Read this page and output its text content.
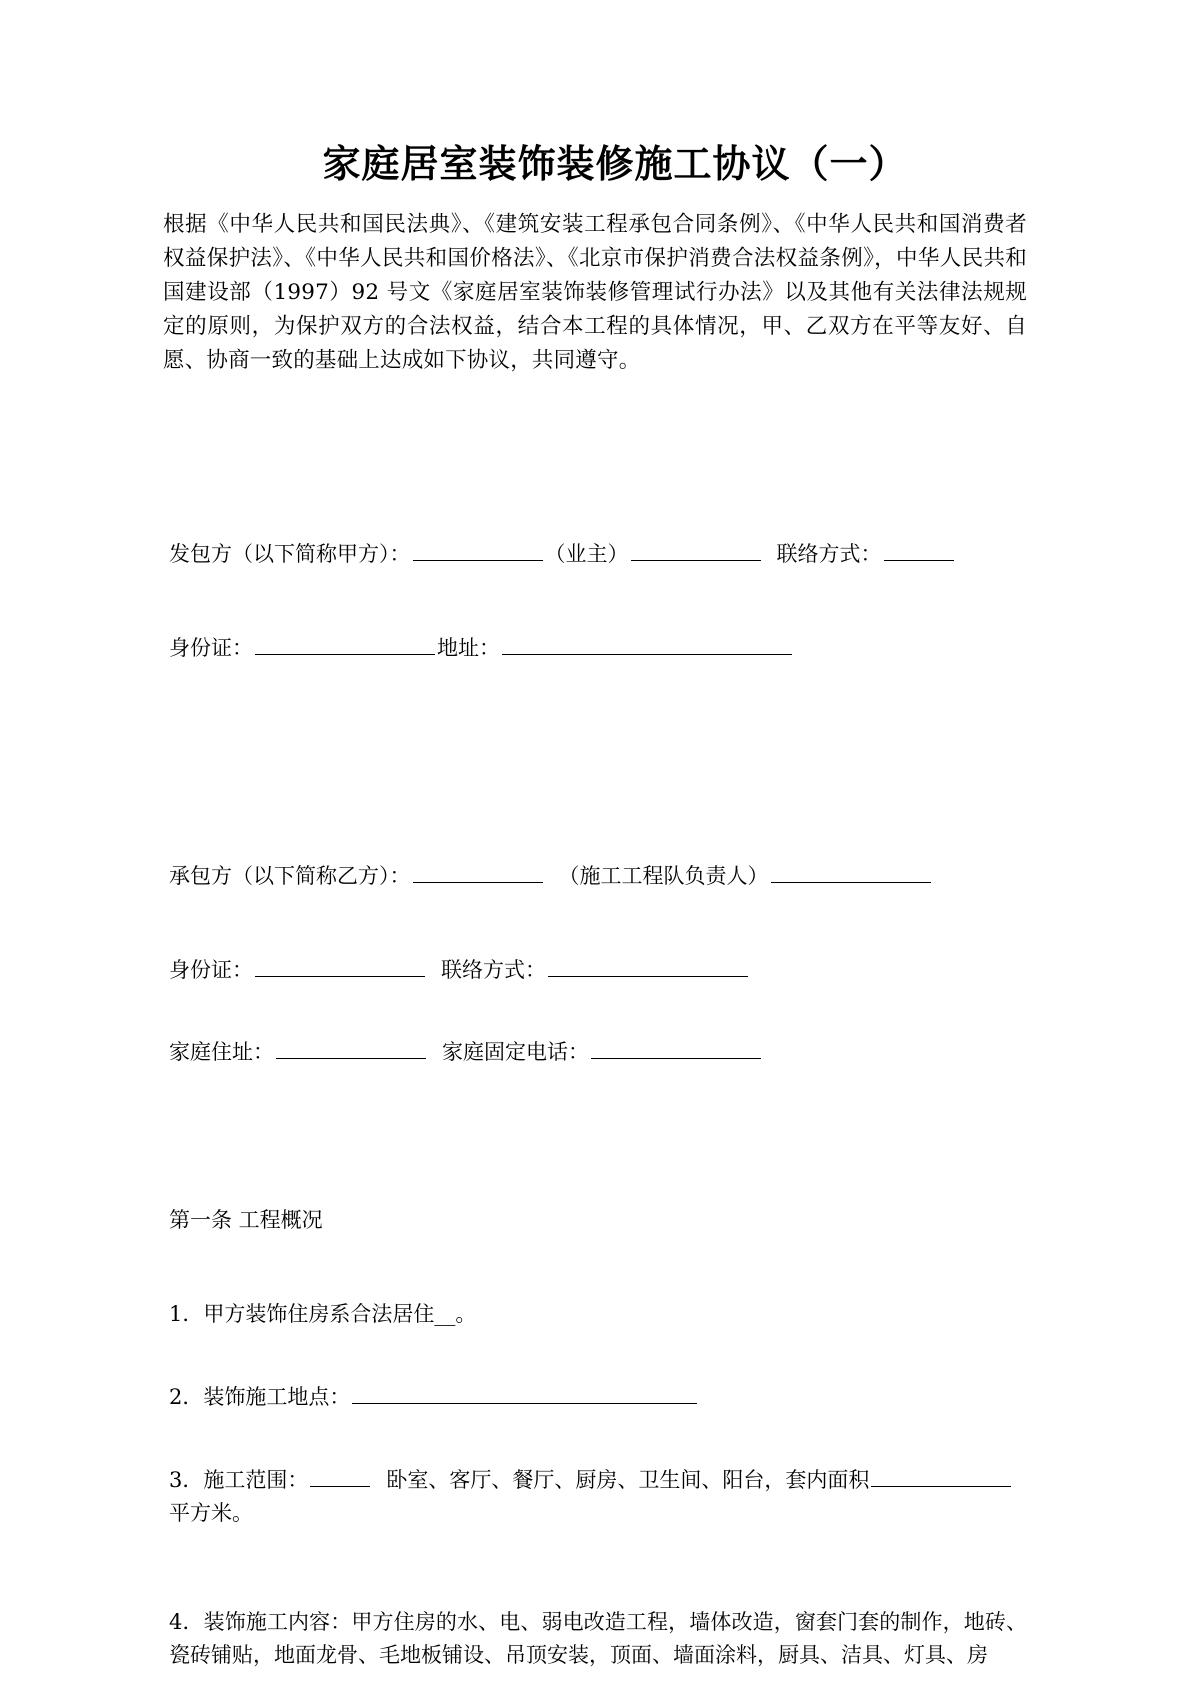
家庭居室装饰装修施工协议（一）

根据《中华人民共和国民法典》、《建筑安装工程承包合同条例》、《中华人民共和国消费者权益保护法》、《中华人民共和国价格法》、《北京市保护消费合法权益条例》，中华人民共和国建设部（1997）92 号文《家庭居室装饰装修管理试行办法》以及其他有关法律法规规定的原则，为保护双方的合法权益，结合本工程的具体情况，甲、乙双方在平等友好、自愿、协商一致的基础上达成如下协议，共同遵守。

发包方（以下简称甲方）：	（业主）	联络方式：

身份证：	地址：

承包方（以下简称乙方）：	（施工工程队负责人）

身份证：	联络方式：

家庭住址：	家庭固定电话：

第一条 工程概况

1．甲方装饰住房系合法居住__。

2．装饰施工地点：

3．施工范围：	卧室、客厅、餐厅、厨房、卫生间、阳台，套内面积
平方米。

4．装饰施工内容：甲方住房的水、电、弱电改造工程，墙体改造，窗套门套的制作，地砖、瓷砖铺贴，地面龙骨、毛地板铺设、吊顶安装，顶面、墙面涂料，厨具、洁具、灯具、房
